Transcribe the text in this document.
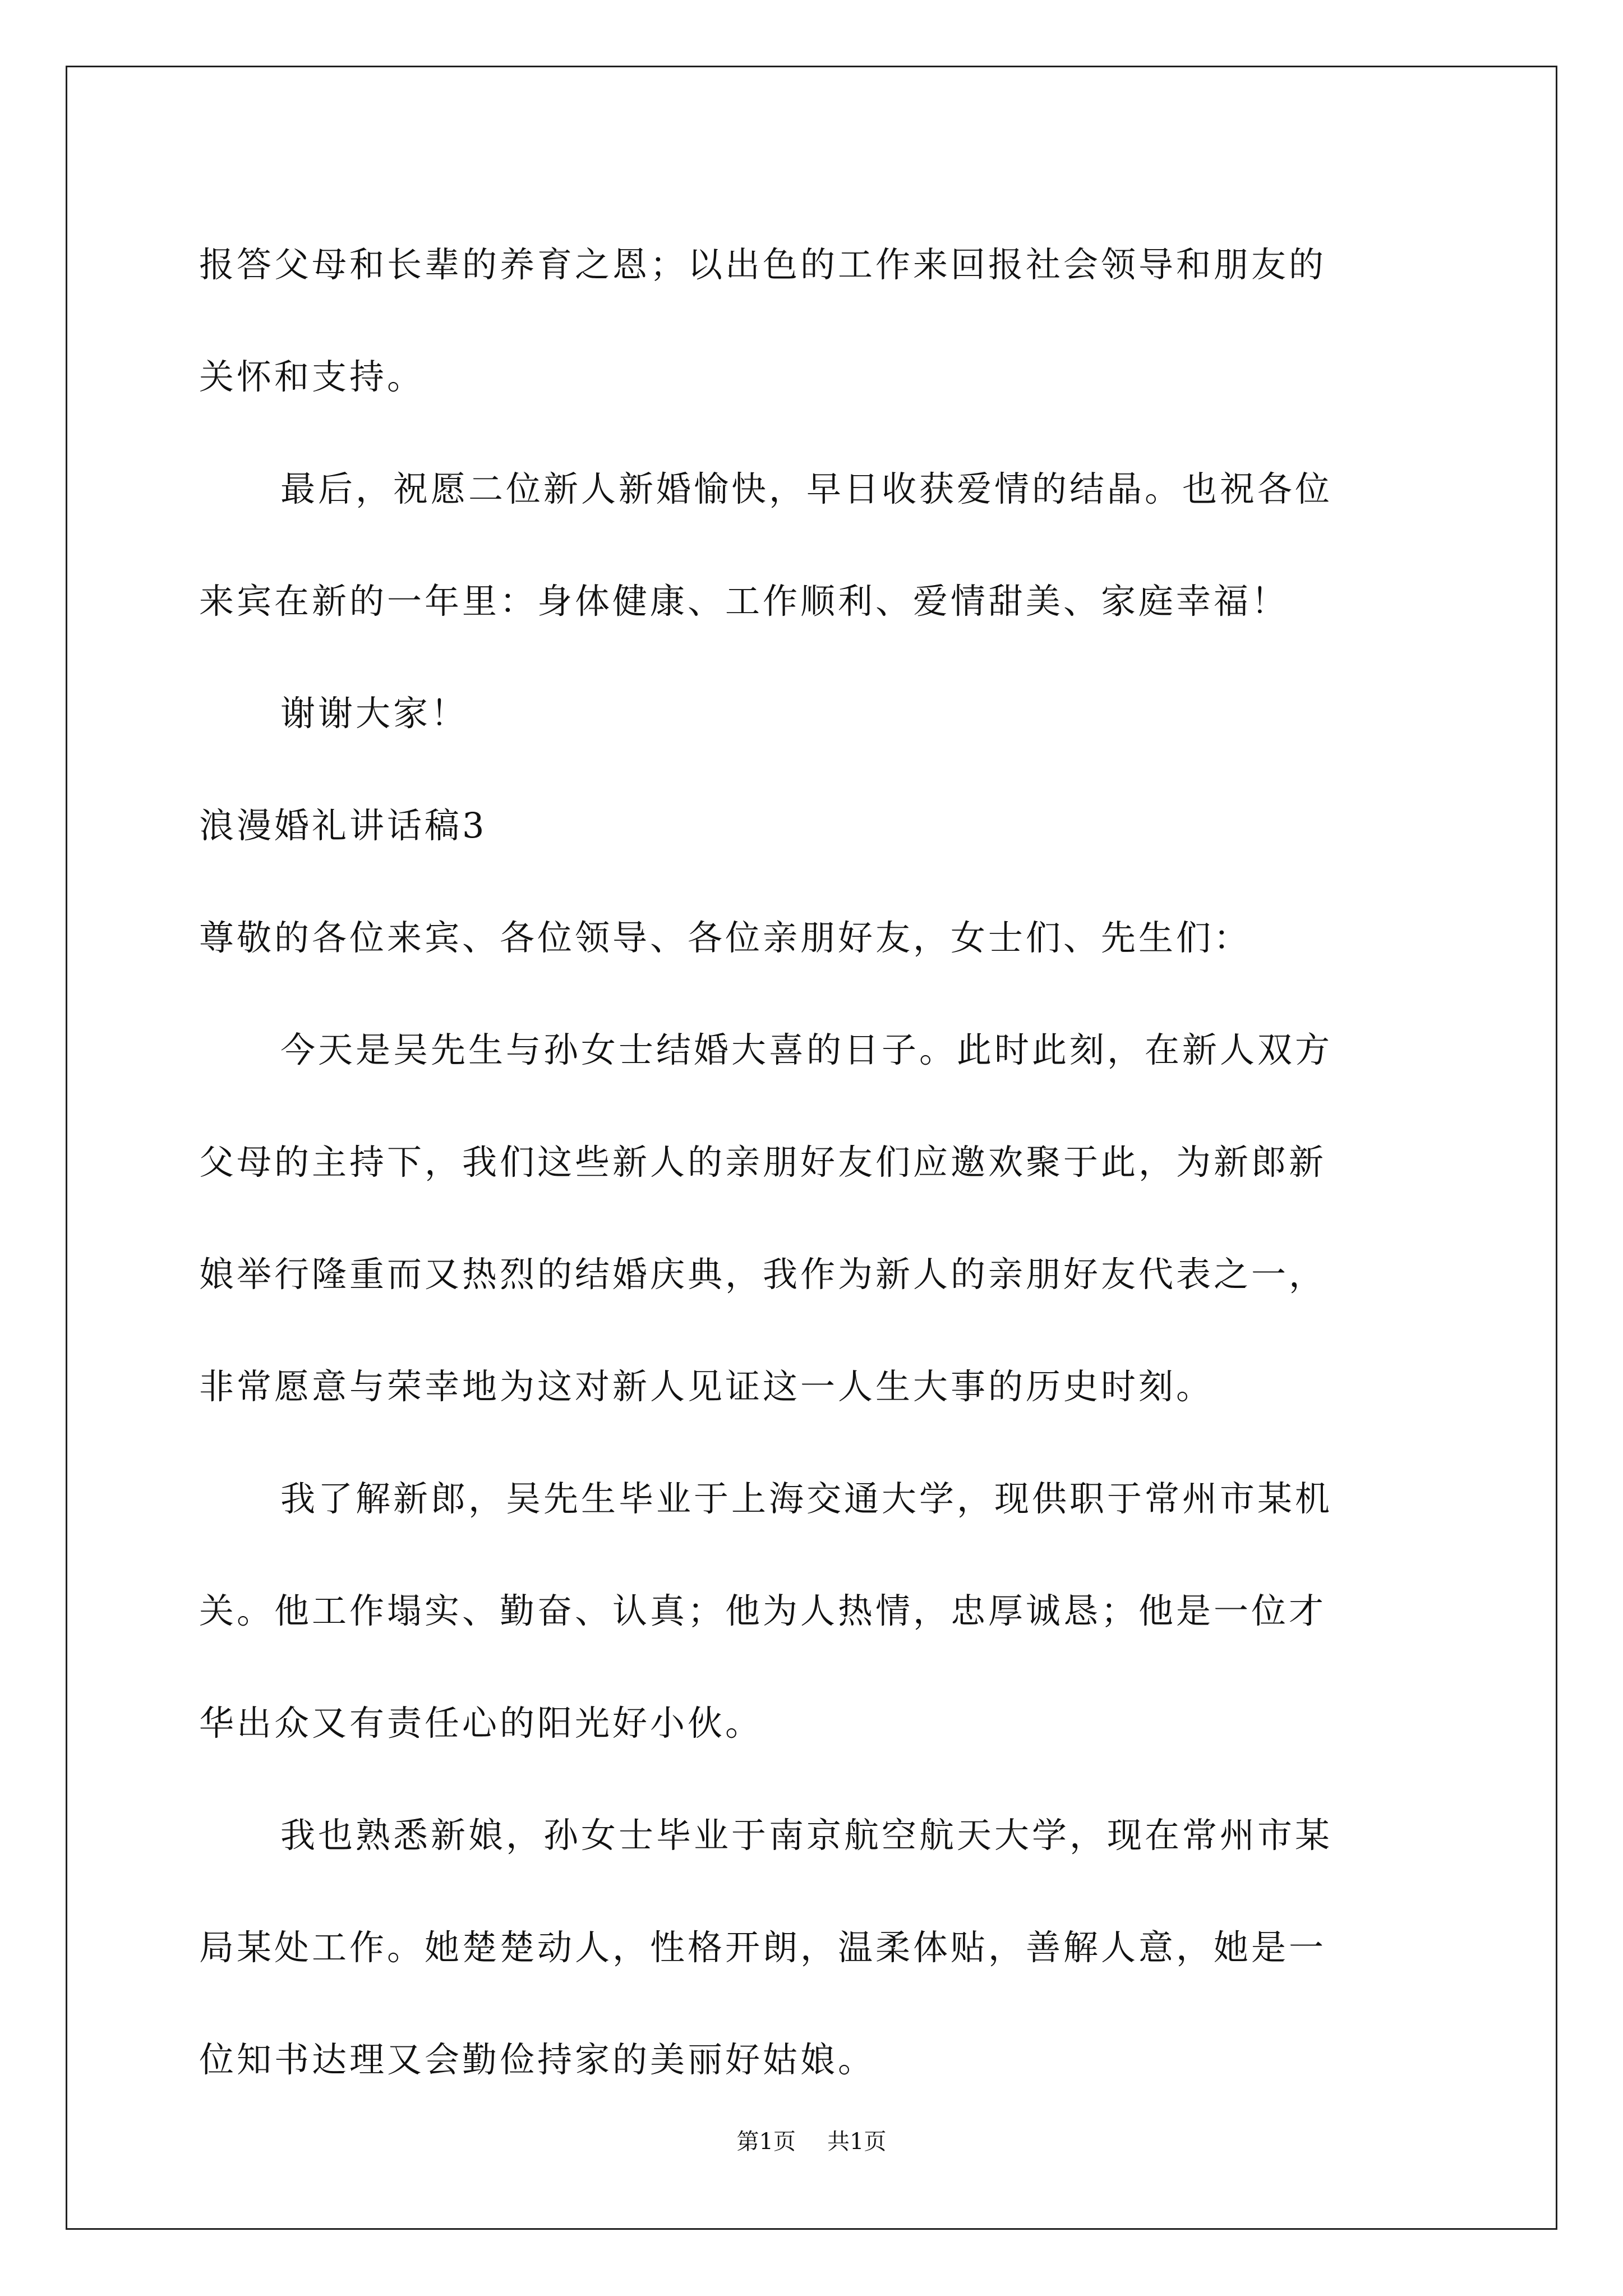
报答父母和长辈的养育之恩；以出色的工作来回报社会领导和朋友的
关怀和支持。
最后，祝愿二位新人新婚愉快，早日收获爱情的结晶。也祝各位
来宾在新的一年里：身体健康、工作顺利、爱情甜美、家庭幸福！
谢谢大家！
浪漫婚礼讲话稿3
尊敬的各位来宾、各位领导、各位亲朋好友，女士们、先生们：
今天是吴先生与孙女士结婚大喜的日子。此时此刻，在新人双方
父母的主持下，我们这些新人的亲朋好友们应邀欢聚于此，为新郎新
娘举行隆重而又热烈的结婚庆典，我作为新人的亲朋好友代表之一，
非常愿意与荣幸地为这对新人见证这一人生大事的历史时刻。
我了解新郎，吴先生毕业于上海交通大学，现供职于常州市某机
关。他工作塌实、勤奋、认真；他为人热情，忠厚诚恳；他是一位才
华出众又有责任心的阳光好小伙。
我也熟悉新娘，孙女士毕业于南京航空航天大学，现在常州市某
局某处工作。她楚楚动人，性格开朗，温柔体贴，善解人意，她是一
位知书达理又会勤俭持家的美丽好姑娘。
第1页 共1页
